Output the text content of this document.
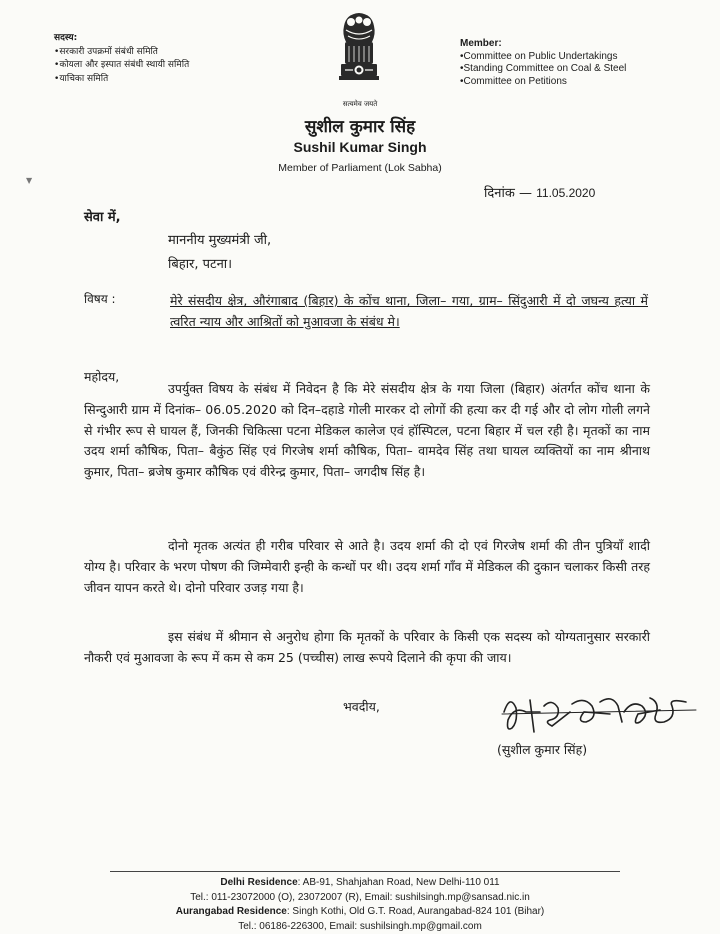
सदस्य:
• सरकारी उपक्रमों संबंधी समिति
• कोयला और इस्पात संबंधी स्थायी समिति
• याचिका समिति
सत्यमेव जयते
Member:
• Committee on Public Undertakings
• Standing Committee on Coal & Steel
• Committee on Petitions
सुशील कुमार सिंह
Sushil Kumar Singh
Member of Parliament (Lok Sabha)
▼
दिनांक — 11.05.2020
सेवा में,
माननीय मुख्यमंत्री जी,
बिहार, पटना।
विषय :	मेरे संसदीय क्षेत्र, औरंगाबाद (बिहार) के कोंच थाना, जिला– गया, ग्राम– सिंदुआरी में दो जघन्य हत्या में त्वरित न्याय और आश्रितों को मुआवजा के संबंध मे।
महोदय,
उपर्युक्त विषय के संबंध में निवेदन है कि मेरे संसदीय क्षेत्र के गया जिला (बिहार) अंतर्गत कोंच थाना के सिन्दुआरी ग्राम में दिनांक– 06.05.2020 को दिन–दहाडे गोली मारकर दो लोगों की हत्या कर दी गई और दो लोग गोली लगने से गंभीर रूप से घायल हैं, जिनकी चिकित्सा पटना मेडिकल कालेज एवं हॉस्पिटल, पटना बिहार में चल रही है। मृतकों का नाम उदय शर्मा कौषिक, पिता– बैकुंठ सिंह एवं गिरजेष शर्मा कौषिक, पिता– वामदेव सिंह तथा घायल व्यक्तियों का नाम श्रीनाथ कुमार, पिता– ब्रजेष कुमार कौषिक एवं वीरेन्द्र कुमार, पिता– जगदीष सिंह है।
दोनो मृतक अत्यंत ही गरीब परिवार से आते है। उदय शर्मा की दो एवं गिरजेष शर्मा की तीन पुत्रियाँ शादी योग्य है। परिवार के भरण पोषण की जिम्मेवारी इन्ही के कन्धों पर थी। उदय शर्मा गाँव में मेडिकल की दुकान चलाकर किसी तरह जीवन यापन करते थे। दोनो परिवार उजड़ गया है।
इस संबंध में श्रीमान से अनुरोध होगा कि मृतकों के परिवार के किसी एक सदस्य को योग्यतानुसार सरकारी नौकरी एवं मुआवजा के रूप में कम से कम 25 (पच्चीस) लाख रूपये दिलाने की कृपा की जाय।
भवदीय,
(सुशील कुमार सिंह)
Delhi Residence: AB-91, Shahjahan Road, New Delhi-110 011
Tel.: 011-23072000 (O), 23072007 (R), Email: sushilsingh.mp@sansad.nic.in
Aurangabad Residence: Singh Kothi, Old G.T. Road, Aurangabad-824 101 (Bihar)
Tel.: 06186-226300, Email: sushilsingh.mp@gmail.com
